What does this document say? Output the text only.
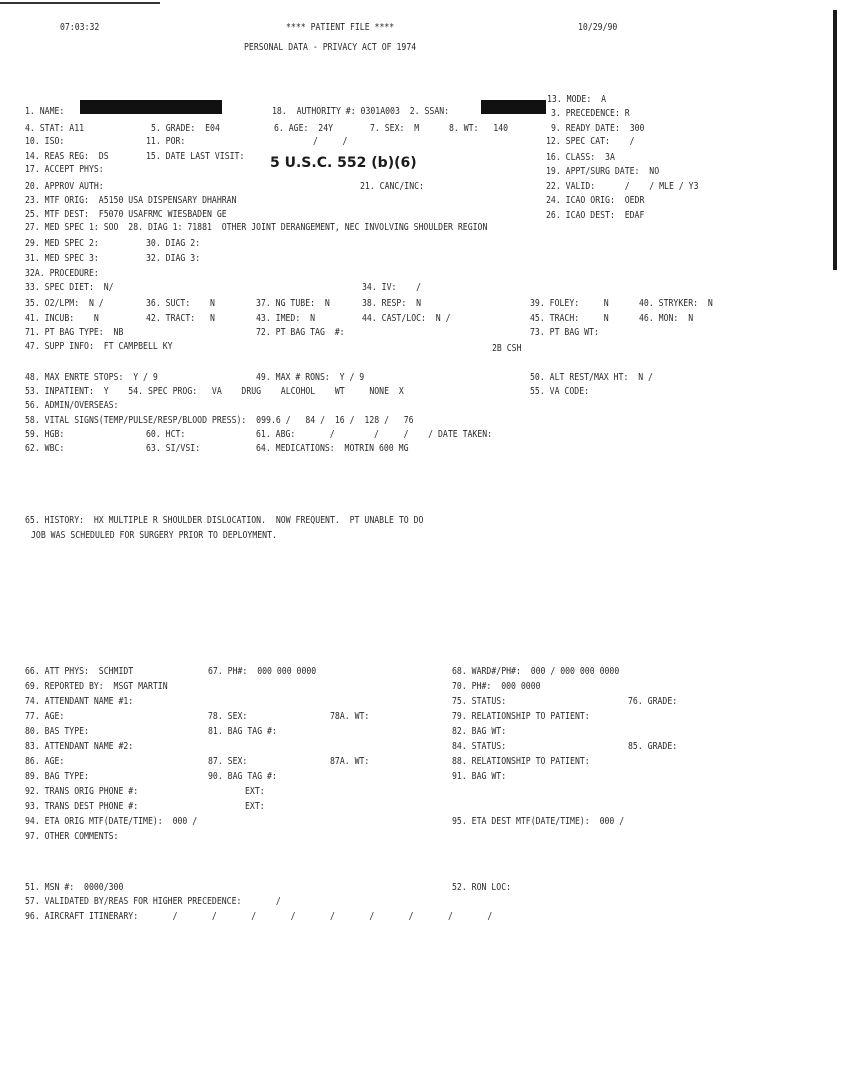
07:03:32	**** PATIENT FILE ****	10/29/90
PERSONAL DATA - PRIVACY ACT OF 1974
5 U.S.C. 552 (b)(6)
13. MODE:  A
1. NAME:	18.  AUTHORITY #: 0301A003  2. SSAN:	3. PRECEDENCE: R
4. STAT: A11	5. GRADE:  E04	6. AGE:  24Y	7. SEX:  M	8. WT:   140	9. READY DATE:  300
10. ISO:	11. POR:	/     /	12. SPEC CAT:    /
14. REAS REG:  DS	15. DATE LAST VISIT:	16. CLASS:  3A
17. ACCEPT PHYS:	19. APPT/SURG DATE:  NO
20. APPROV AUTH:	21. CANC/INC:	22. VALID:      /    / MLE / Y3
23. MTF ORIG:  A5150 USA DISPENSARY DHAHRAN	24. ICAO ORIG:  OEDR
25. MTF DEST:  F5070 USAFRMC WIESBADEN GE	26. ICAO DEST:  EDAF
27. MED SPEC 1: SOO  28. DIAG 1: 71881  OTHER JOINT DERANGEMENT, NEC INVOLVING SHOULDER REGION
29. MED SPEC 2:	30. DIAG 2:
31. MED SPEC 3:	32. DIAG 3:
32A. PROCEDURE:
33. SPEC DIET:  N/	34. IV:    /
35. O2/LPM:  N /	36. SUCT:    N	37. NG TUBE:  N	38. RESP:  N	39. FOLEY:     N	40. STRYKER:  N
41. INCUB:    N	42. TRACT:   N	43. IMED:  N	44. CAST/LOC:  N /	45. TRACH:     N	46. MON:  N
71. PT BAG TYPE:  NB	72. PT BAG TAG  #:	73. PT BAG WT:
47. SUPP INFO:  FT CAMPBELL KY	2B CSH
48. MAX ENRTE STOPS:  Y / 9	49. MAX # RONS:  Y / 9	50. ALT REST/MAX HT:  N /
53. INPATIENT:  Y    54. SPEC PROG:   VA    DRUG    ALCOHOL    WT     NONE  X	55. VA CODE:
56. ADMIN/OVERSEAS:
58. VITAL SIGNS(TEMP/PULSE/RESP/BLOOD PRESS):  099.6 /   84 /  16 /  128 /   76
59. HGB:	60. HCT:	61. ABG:       /        /     /    / DATE TAKEN:
62. WBC:	63. SI/VSI:	64. MEDICATIONS:  MOTRIN 600 MG
65. HISTORY:  HX MULTIPLE R SHOULDER DISLOCATION.  NOW FREQUENT.  PT UNABLE TO DO
JOB WAS SCHEDULED FOR SURGERY PRIOR TO DEPLOYMENT.
66. ATT PHYS:  SCHMIDT	67. PH#:  000 000 0000	68. WARD#/PH#:  000 / 000 000 0000
69. REPORTED BY:  MSGT MARTIN	70. PH#:  000 0000
74. ATTENDANT NAME #1:	75. STATUS:	76. GRADE:
77. AGE:	78. SEX:	78A. WT:	79. RELATIONSHIP TO PATIENT:
80. BAS TYPE:	81. BAG TAG #:	82. BAG WT:
83. ATTENDANT NAME #2:	84. STATUS:	85. GRADE:
86. AGE:	87. SEX:	87A. WT:	88. RELATIONSHIP TO PATIENT:
89. BAG TYPE:	90. BAG TAG #:	91. BAG WT:
92. TRANS ORIG PHONE #:	EXT:
93. TRANS DEST PHONE #:	EXT:
94. ETA ORIG MTF(DATE/TIME):  000 /	95. ETA DEST MTF(DATE/TIME):  000 /
97. OTHER COMMENTS:
51. MSN #:  0000/300	52. RON LOC:
57. VALIDATED BY/REAS FOR HIGHER PRECEDENCE:       /
96. AIRCRAFT ITINERARY:       /       /       /       /       /       /       /       /       /
